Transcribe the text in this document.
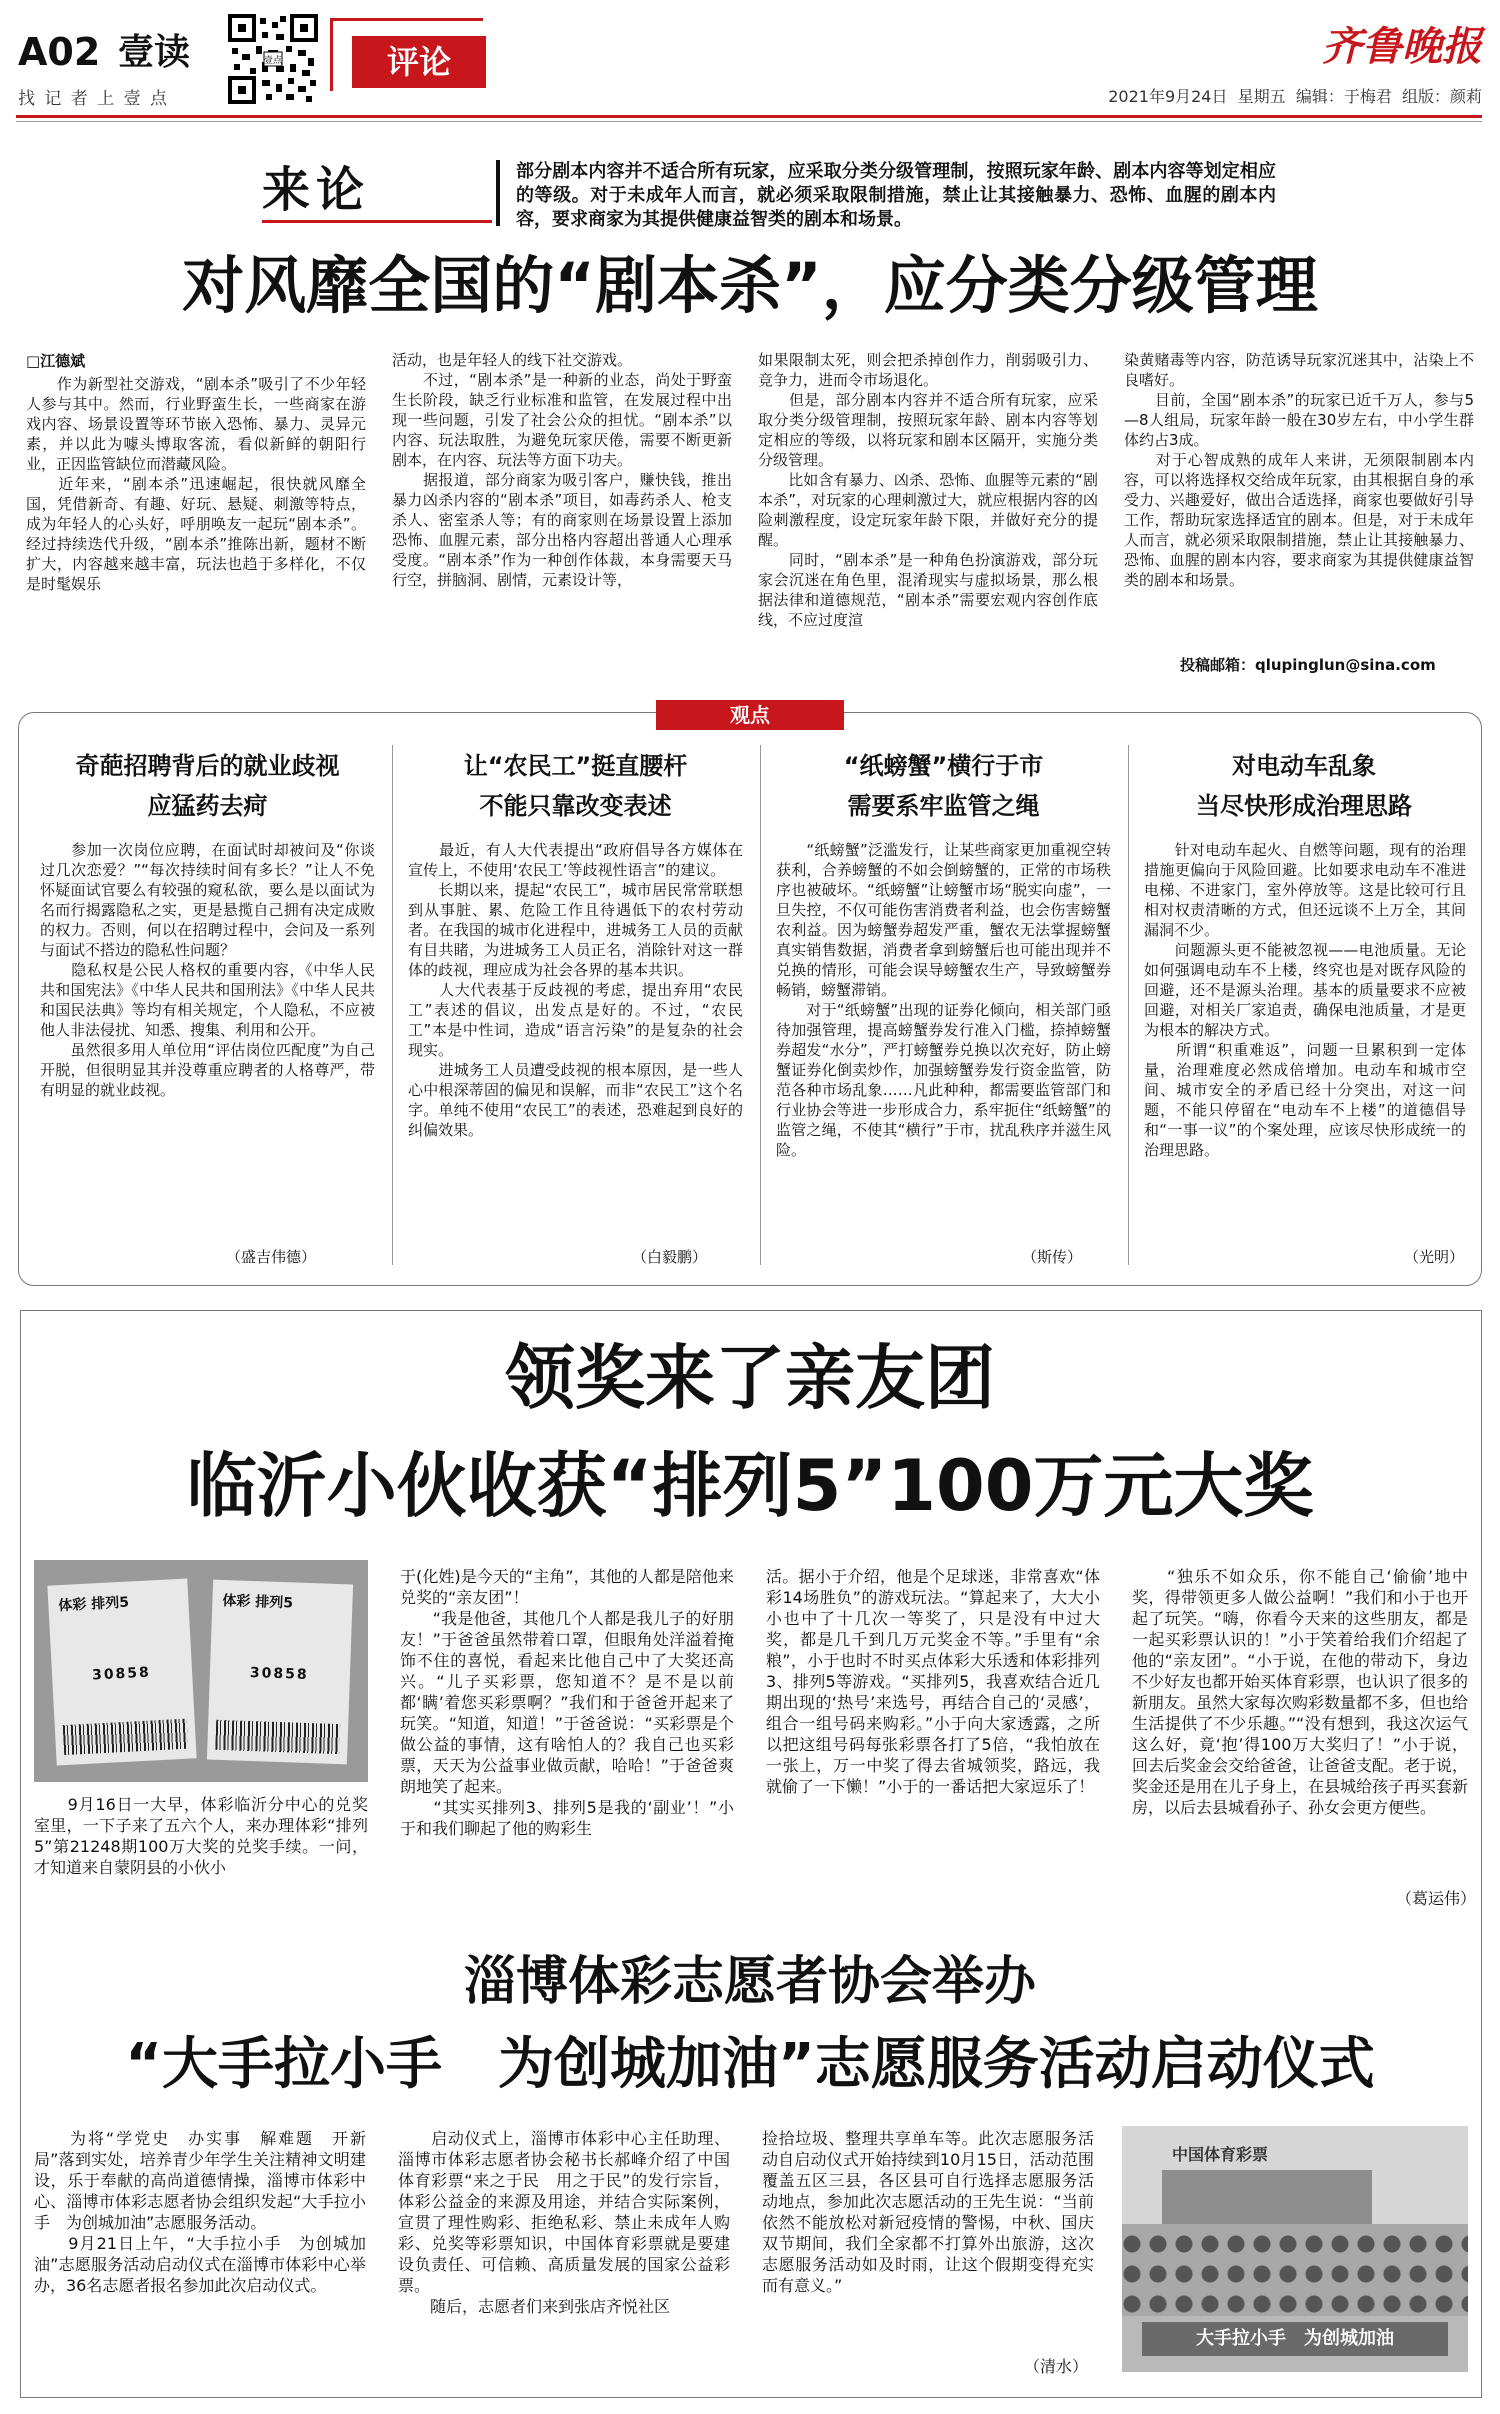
A02 壹读
找 记 者 上 壹 点
壹点	评论	齐鲁晚报
2021年9月24日  星期五  编辑：于梅君  组版：颜莉
来论	部分剧本内容并不适合所有玩家，应采取分类分级管理制，按照玩家年龄、剧本内容等划定相应的等级。对于未成年人而言，就必须采取限制措施，禁止让其接触暴力、恐怖、血腥的剧本内容，要求商家为其提供健康益智类的剧本和场景。
对风靡全国的“剧本杀”，应分类分级管理
□江德斌
　　作为新型社交游戏，“剧本杀”吸引了不少年轻人参与其中。然而，行业野蛮生长，一些商家在游戏内容、场景设置等环节嵌入恐怖、暴力、灵异元素，并以此为噱头博取客流，看似新鲜的朝阳行业，正因监管缺位而潜藏风险。
　　近年来，“剧本杀”迅速崛起，很快就风靡全国，凭借新奇、有趣、好玩、悬疑、刺激等特点，成为年轻人的心头好，呼朋唤友一起玩“剧本杀”。经过持续迭代升级，“剧本杀”推陈出新，题材不断扩大，内容越来越丰富，玩法也趋于多样化，不仅是时髦娱乐
活动，也是年轻人的线下社交游戏。
　　不过，“剧本杀”是一种新的业态，尚处于野蛮生长阶段，缺乏行业标准和监管，在发展过程中出现一些问题，引发了社会公众的担忧。“剧本杀”以内容、玩法取胜，为避免玩家厌倦，需要不断更新剧本，在内容、玩法等方面下功夫。
　　据报道，部分商家为吸引客户，赚快钱，推出暴力凶杀内容的“剧本杀”项目，如毒药杀人、枪支杀人、密室杀人等；有的商家则在场景设置上添加恐怖、血腥元素，部分出格内容超出普通人心理承受度。“剧本杀”作为一种创作体裁，本身需要天马行空，拼脑洞、剧情，元素设计等，
如果限制太死，则会把杀掉创作力，削弱吸引力、竞争力，进而令市场退化。
　　但是，部分剧本内容并不适合所有玩家，应采取分类分级管理制，按照玩家年龄、剧本内容等划定相应的等级，以将玩家和剧本区隔开，实施分类分级管理。
　　比如含有暴力、凶杀、恐怖、血腥等元素的“剧本杀”，对玩家的心理刺激过大，就应根据内容的凶险刺激程度，设定玩家年龄下限，并做好充分的提醒。
　　同时，“剧本杀”是一种角色扮演游戏，部分玩家会沉迷在角色里，混淆现实与虚拟场景，那么根据法律和道德规范，“剧本杀”需要宏观内容创作底线，不应过度渲
染黄赌毒等内容，防范诱导玩家沉迷其中，沾染上不良嗜好。
　　目前，全国“剧本杀”的玩家已近千万人，参与5—8人组局，玩家年龄一般在30岁左右，中小学生群体约占3成。
　　对于心智成熟的成年人来讲，无须限制剧本内容，可以将选择权交给成年玩家，由其根据自身的承受力、兴趣爱好，做出合适选择，商家也要做好引导工作，帮助玩家选择适宜的剧本。但是，对于未成年人而言，就必须采取限制措施，禁止让其接触暴力、恐怖、血腥的剧本内容，要求商家为其提供健康益智类的剧本和场景。
投稿邮箱：qlupinglun@sina.com
观点
奇葩招聘背后的就业歧视
应猛药去疴
　　参加一次岗位应聘，在面试时却被问及“你谈过几次恋爱？”“每次持续时间有多长？”让人不免怀疑面试官要么有较强的窥私欲，要么是以面试为名而行揭露隐私之实，更是悬揽自己拥有决定成败的权力。否则，何以在招聘过程中，会问及一系列与面试不搭边的隐私性问题？
　　隐私权是公民人格权的重要内容，《中华人民共和国宪法》《中华人民共和国刑法》《中华人民共和国民法典》等均有相关规定，个人隐私，不应被他人非法侵扰、知悉、搜集、利用和公开。
　　虽然很多用人单位用“评估岗位匹配度”为自己开脱，但很明显其并没尊重应聘者的人格尊严，带有明显的就业歧视。
（盛吉伟德）
让“农民工”挺直腰杆
不能只靠改变表述
　　最近，有人大代表提出“政府倡导各方媒体在宣传上，不使用‘农民工’等歧视性语言”的建议。
　　长期以来，提起“农民工”，城市居民常常联想到从事脏、累、危险工作且待遇低下的农村劳动者。在我国的城市化进程中，进城务工人员的贡献有目共睹，为进城务工人员正名，消除针对这一群体的歧视，理应成为社会各界的基本共识。
　　人大代表基于反歧视的考虑，提出弃用“农民工”表述的倡议，出发点是好的。不过，“农民工”本是中性词，造成“语言污染”的是复杂的社会现实。
　　进城务工人员遭受歧视的根本原因，是一些人心中根深蒂固的偏见和误解，而非“农民工”这个名字。单纯不使用“农民工”的表述，恐难起到良好的纠偏效果。
（白毅鹏）
“纸螃蟹”横行于市
需要系牢监管之绳
　　“纸螃蟹”泛滥发行，让某些商家更加重视空转获利，合养螃蟹的不如会倒螃蟹的，正常的市场秩序也被破坏。“纸螃蟹”让螃蟹市场“脱实向虚”，一旦失控，不仅可能伤害消费者利益，也会伤害螃蟹农利益。因为螃蟹券超发严重，蟹农无法掌握螃蟹真实销售数据，消费者拿到螃蟹后也可能出现并不兑换的情形，可能会误导螃蟹农生产，导致螃蟹券畅销，螃蟹滞销。
　　对于“纸螃蟹”出现的证券化倾向，相关部门亟待加强管理，提高螃蟹券发行准入门槛，捺掉螃蟹券超发“水分”，严打螃蟹券兑换以次充好，防止螃蟹证券化倒卖炒作，加强螃蟹券发行资金监管，防范各种市场乱象……凡此种种，都需要监管部门和行业协会等进一步形成合力，系牢扼住“纸螃蟹”的监管之绳，不使其“横行”于市，扰乱秩序并滋生风险。
（斯传）
对电动车乱象
当尽快形成治理思路
　　针对电动车起火、自燃等问题，现有的治理措施更偏向于风险回避。比如要求电动车不准进电梯、不进家门，室外停放等。这是比较可行且相对权责清晰的方式，但还远谈不上万全，其间漏洞不少。
　　问题源头更不能被忽视——电池质量。无论如何强调电动车不上楼，终究也是对既存风险的回避，还不是源头治理。基本的质量要求不应被回避，对相关厂家追责，确保电池质量，才是更为根本的解决方式。
　　所谓“积重难返”，问题一旦累积到一定体量，治理难度必然成倍增加。电动车和城市空间、城市安全的矛盾已经十分突出，对这一问题，不能只停留在“电动车不上楼”的道德倡导和“一事一议”的个案处理，应该尽快形成统一的治理思路。
（光明）
领奖来了亲友团
临沂小伙收获“排列5”100万元大奖
体彩 排列5
30858
体彩 排列5
30858
　　9月16日一大早，体彩临沂分中心的兑奖室里，一下子来了五六个人，来办理体彩“排列5”第21248期100万大奖的兑奖手续。一问，才知道来自蒙阴县的小伙小
于(化姓)是今天的“主角”，其他的人都是陪他来兑奖的“亲友团”！
　　“我是他爸，其他几个人都是我儿子的好朋友！”于爸爸虽然带着口罩，但眼角处洋溢着掩饰不住的喜悦，看起来比他自己中了大奖还高兴。“儿子买彩票，您知道不？是不是以前都‘瞒’着您买彩票啊？”我们和于爸爸开起来了玩笑。“知道，知道！”于爸爸说：“买彩票是个做公益的事情，这有啥怕人的？我自己也买彩票，天天为公益事业做贡献，哈哈！”于爸爸爽朗地笑了起来。
　　“其实买排列3、排列5是我的‘副业’！”小于和我们聊起了他的购彩生
活。据小于介绍，他是个足球迷，非常喜欢“体彩14场胜负”的游戏玩法。“算起来了，大大小小也中了十几次一等奖了，只是没有中过大奖，都是几千到几万元奖金不等。”手里有“余粮”，小于也时不时买点体彩大乐透和体彩排列3、排列5等游戏。“买排列5，我喜欢结合近几期出现的‘热号’来选号，再结合自己的‘灵感’，组合一组号码来购彩。”小于向大家透露，之所以把这组号码每张彩票各打了5倍，“我怕放在一张上，万一中奖了得去省城领奖，路远，我就偷了一下懒！”小于的一番话把大家逗乐了！
　　“独乐不如众乐，你不能自己‘偷偷’地中奖，得带领更多人做公益啊！”我们和小于也开起了玩笑。“嗨，你看今天来的这些朋友，都是一起买彩票认识的！”小于笑着给我们介绍起了他的“亲友团”。“小于说，在他的带动下，身边不少好友也都开始买体育彩票，也认识了很多的新朋友。虽然大家每次购彩数量都不多，但也给生活提供了不少乐趣。”“没有想到，我这次运气这么好，竟‘抱’得100万大奖归了！”小于说，回去后奖金会交给爸爸，让爸爸支配。老于说，奖金还是用在儿子身上，在县城给孩子再买套新房，以后去县城看孙子、孙女会更方便些。
（葛运伟）
淄博体彩志愿者协会举办
“大手拉小手　为创城加油”志愿服务活动启动仪式
　　为将“学党史　办实事　解难题　开新局”落到实处，培养青少年学生关注精神文明建设，乐于奉献的高尚道德情操，淄博市体彩中心、淄博市体彩志愿者协会组织发起“大手拉小手　为创城加油”志愿服务活动。
　　9月21日上午，“大手拉小手　为创城加油”志愿服务活动启动仪式在淄博市体彩中心举办，36名志愿者报名参加此次启动仪式。
　　启动仪式上，淄博市体彩中心主任助理、淄博市体彩志愿者协会秘书长郝峰介绍了中国体育彩票“来之于民　用之于民”的发行宗旨，体彩公益金的来源及用途，并结合实际案例，宣贯了理性购彩、拒绝私彩、禁止未成年人购彩、兑奖等彩票知识，中国体育彩票就是要建设负责任、可信赖、高质量发展的国家公益彩票。
　　随后，志愿者们来到张店齐悦社区
捡拾垃圾、整理共享单车等。此次志愿服务活动自启动仪式开始持续到10月15日，活动范围覆盖五区三县，各区县可自行选择志愿服务活动地点，参加此次志愿活动的王先生说：“当前依然不能放松对新冠疫情的警惕，中秋、国庆双节期间，我们全家都不打算外出旅游，这次志愿服务活动如及时雨，让这个假期变得充实而有意义。”
（清水）
中国体育彩票
大手拉小手　为创城加油
